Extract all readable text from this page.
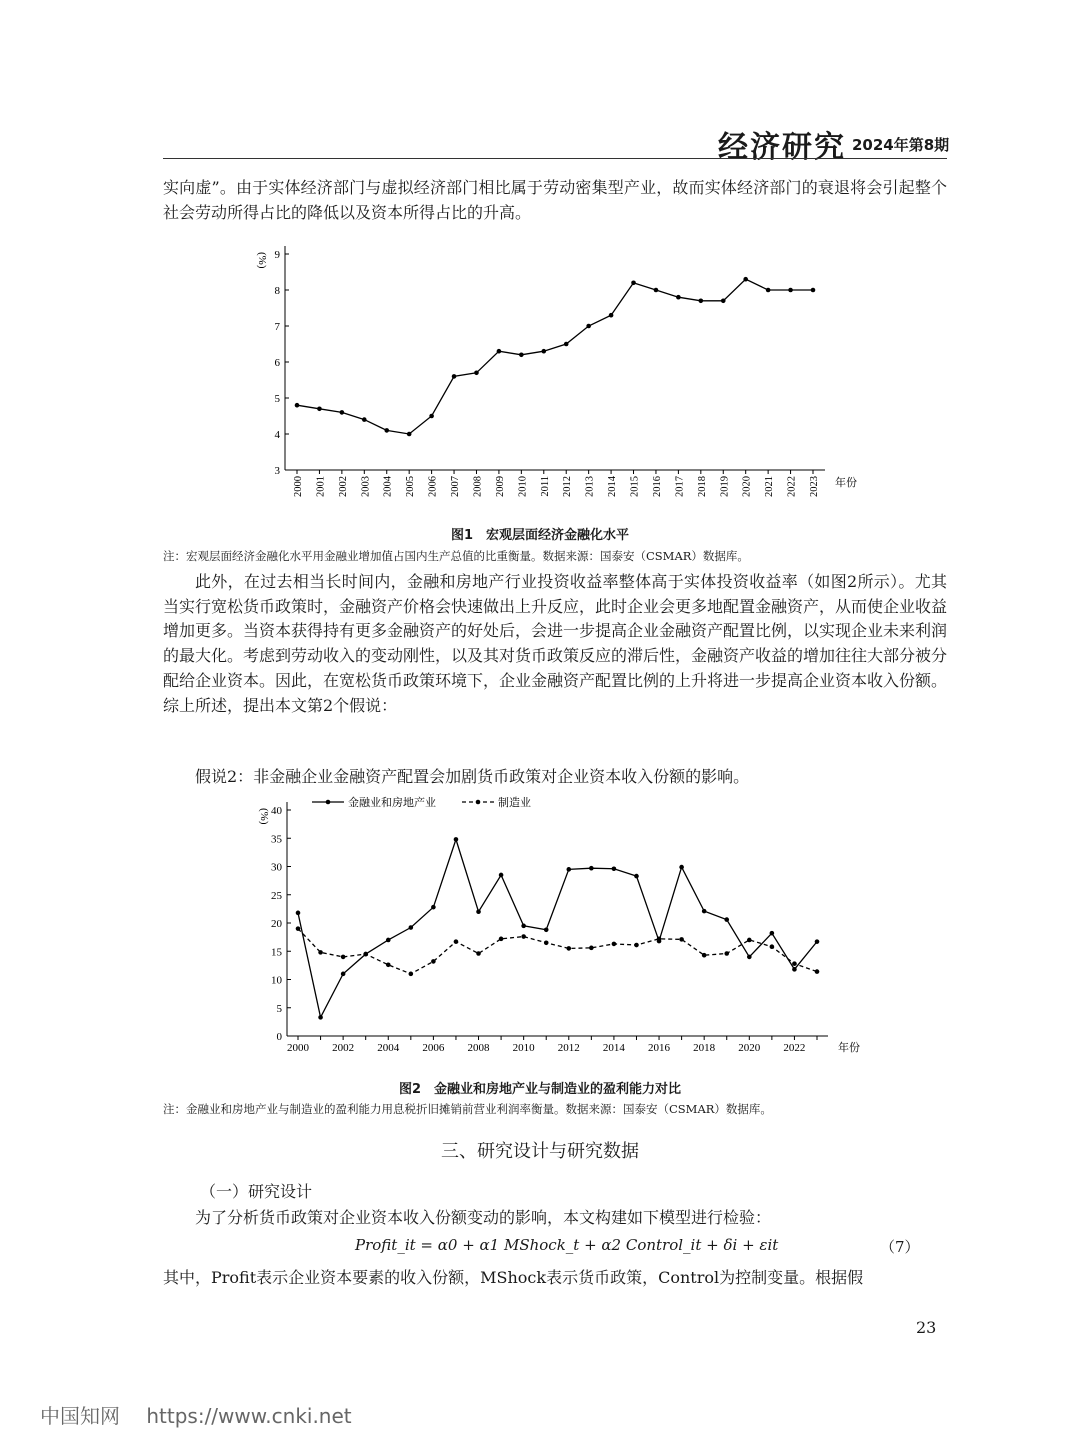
经济研究 2024年第8期
实向虚”。由于实体经济部门与虚拟经济部门相比属于劳动密集型产业，故而实体经济部门的衰退将会引起整个社会劳动所得占比的降低以及资本所得占比的升高。
3
4
5
6
7
8
9
(%)
2000 2001 2002 2003 2004 2005 2006 2007 2008 2009 2010 2011 2012 2013 2014 2015 2016 2017 2018 2019 2020 2021 2022 2023 年份
图1　宏观层面经济金融化水平
注：宏观层面经济金融化水平用金融业增加值占国内生产总值的比重衡量。数据来源：国泰安（CSMAR）数据库。
此外，在过去相当长时间内，金融和房地产行业投资收益率整体高于实体投资收益率（如图2所示）。尤其当实行宽松货币政策时，金融资产价格会快速做出上升反应，此时企业会更多地配置金融资产，从而使企业收益增加更多。当资本获得持有更多金融资产的好处后，会进一步提高企业金融资产配置比例，以实现企业未来利润的最大化。考虑到劳动收入的变动刚性，以及其对货币政策反应的滞后性，金融资产收益的增加往往大部分被分配给企业资本。因此，在宽松货币政策环境下，企业金融资产配置比例的上升将进一步提高企业资本收入份额。综上所述，提出本文第2个假说：
假说2：非金融企业金融资产配置会加剧货币政策对企业资本收入份额的影响。
0
5
10
15
20
25
30
35
40
(%)
2000 2002 2004 2006 2008 2010 2012 2014 2016 2018 2020 2022	年份
金融业和房地产业	制造业
图2　金融业和房地产业与制造业的盈利能力对比
注：金融业和房地产业与制造业的盈利能力用息税折旧摊销前营业利润率衡量。数据来源：国泰安（CSMAR）数据库。
三、研究设计与研究数据
（一）研究设计
为了分析货币政策对企业资本收入份额变动的影响，本文构建如下模型进行检验：
Profit_it = α0 + α1 MShock_t + α2 Control_it + δi + εit	（7）
其中，Profit表示企业资本要素的收入份额，MShock表示货币政策，Control为控制变量。根据假
23
中国知网 https://www.cnki.net
